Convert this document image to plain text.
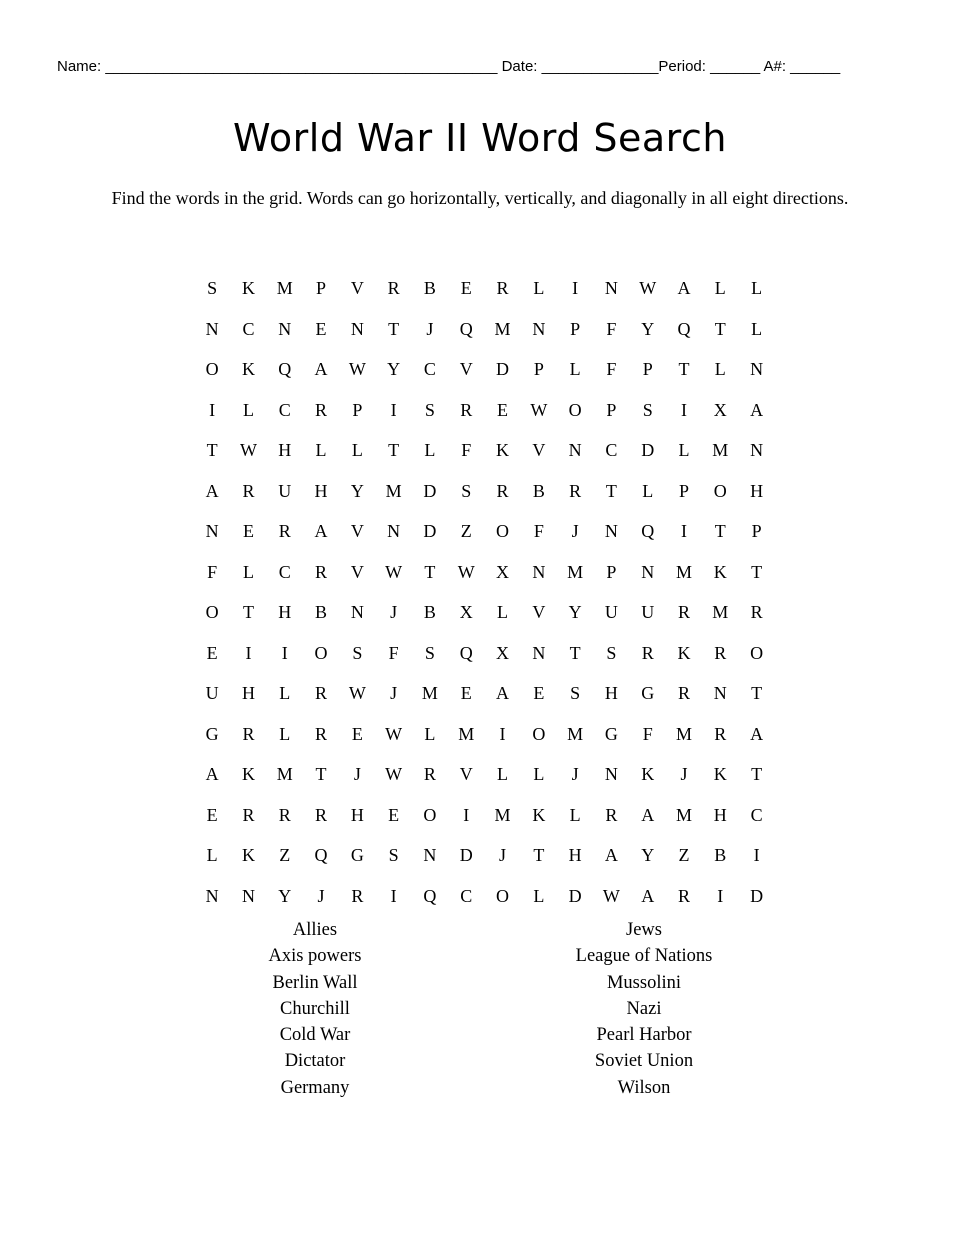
Name: _______________________________________________ Date: ______________Period: ______ A#: ______
World War II Word Search
Find the words in the grid. Words can go horizontally, vertically, and diagonally in all eight directions.
S	K	M	P	V	R	B	E	R	L	I	N	W	A	L	L
N	C	N	E	N	T	J	Q	M	N	P	F	Y	Q	T	L
O	K	Q	A	W	Y	C	V	D	P	L	F	P	T	L	N
I	L	C	R	P	I	S	R	E	W	O	P	S	I	X	A
T	W	H	L	L	T	L	F	K	V	N	C	D	L	M	N
A	R	U	H	Y	M	D	S	R	B	R	T	L	P	O	H
N	E	R	A	V	N	D	Z	O	F	J	N	Q	I	T	P
F	L	C	R	V	W	T	W	X	N	M	P	N	M	K	T
O	T	H	B	N	J	B	X	L	V	Y	U	U	R	M	R
E	I	I	O	S	F	S	Q	X	N	T	S	R	K	R	O
U	H	L	R	W	J	M	E	A	E	S	H	G	R	N	T
G	R	L	R	E	W	L	M	I	O	M	G	F	M	R	A
A	K	M	T	J	W	R	V	L	L	J	N	K	J	K	T
E	R	R	R	H	E	O	I	M	K	L	R	A	M	H	C
L	K	Z	Q	G	S	N	D	J	T	H	A	Y	Z	B	I
N	N	Y	J	R	I	Q	C	O	L	D	W	A	R	I	D
Allies
Axis powers
Berlin Wall
Churchill
Cold War
Dictator
Germany
Jews
League of Nations
Mussolini
Nazi
Pearl Harbor
Soviet Union
Wilson
